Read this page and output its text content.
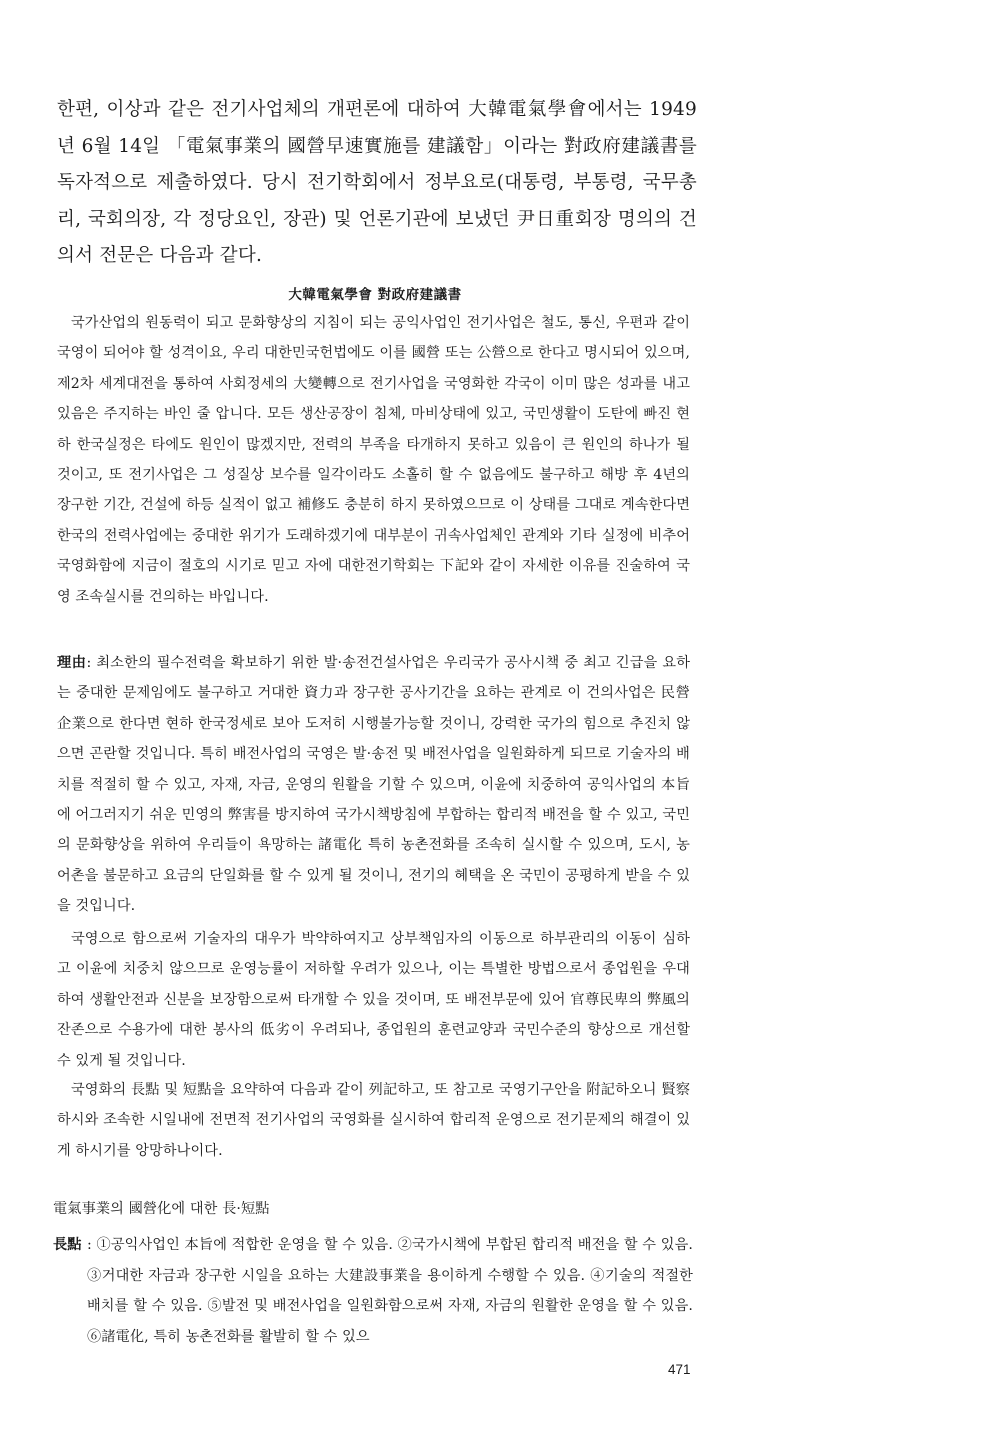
한편, 이상과 같은 전기사업체의 개편론에 대하여 大韓電氣學會에서는 1949년 6월 14일 「電氣事業의 國營早速實施를 建議함」이라는 對政府建議書를 독자적으로 제출하였다. 당시 전기학회에서 정부요로(대통령, 부통령, 국무총리, 국회의장, 각 정당요인, 장관) 및 언론기관에 보냈던 尹日重회장 명의의 건의서 전문은 다음과 같다.

大韓電氣學會 對政府建議書

국가산업의 원동력이 되고 문화향상의 지침이 되는 공익사업인 전기사업은 철도, 통신, 우편과 같이 국영이 되어야 할 성격이요, 우리 대한민국헌법에도 이를 國營 또는 公營으로 한다고 명시되어 있으며, 제2차 세계대전을 통하여 사회정세의 大變轉으로 전기사업을 국영화한 각국이 이미 많은 성과를 내고 있음은 주지하는 바인 줄 압니다. 모든 생산공장이 침체, 마비상태에 있고, 국민생활이 도탄에 빠진 현하 한국실정은 타에도 원인이 많겠지만, 전력의 부족을 타개하지 못하고 있음이 큰 원인의 하나가 될 것이고, 또 전기사업은 그 성질상 보수를 일각이라도 소홀히 할 수 없음에도 불구하고 해방 후 4년의 장구한 기간, 건설에 하등 실적이 없고 補修도 충분히 하지 못하였으므로 이 상태를 그대로 계속한다면 한국의 전력사업에는 중대한 위기가 도래하겠기에 대부분이 귀속사업체인 관계와 기타 실정에 비추어 국영화함에 지금이 절호의 시기로 믿고 자에 대한전기학회는 下記와 같이 자세한 이유를 진술하여 국영 조속실시를 건의하는 바입니다.

理由: 최소한의 필수전력을 확보하기 위한 발·송전건설사업은 우리국가 공사시책 중 최고 긴급을 요하는 중대한 문제임에도 불구하고 거대한 資力과 장구한 공사기간을 요하는 관계로 이 건의사업은 民營企業으로 한다면 현하 한국정세로 보아 도저히 시행불가능할 것이니, 강력한 국가의 힘으로 추진치 않으면 곤란할 것입니다. 특히 배전사업의 국영은 발·송전 및 배전사업을 일원화하게 되므로 기술자의 배치를 적절히 할 수 있고, 자재, 자금, 운영의 원활을 기할 수 있으며, 이윤에 치중하여 공익사업의 本旨에 어그러지기 쉬운 민영의 弊害를 방지하여 국가시책방침에 부합하는 합리적 배전을 할 수 있고, 국민의 문화향상을 위하여 우리들이 욕망하는 諸電化 특히 농촌전화를 조속히 실시할 수 있으며, 도시, 농어촌을 불문하고 요금의 단일화를 할 수 있게 될 것이니, 전기의 혜택을 온 국민이 공평하게 받을 수 있을 것입니다.

국영으로 함으로써 기술자의 대우가 박약하여지고 상부책임자의 이동으로 하부관리의 이동이 심하고 이윤에 치중치 않으므로 운영능률이 저하할 우려가 있으나, 이는 특별한 방법으로서 종업원을 우대하여 생활안전과 신분을 보장함으로써 타개할 수 있을 것이며, 또 배전부문에 있어 官尊民卑의 弊風의 잔존으로 수용가에 대한 봉사의 低劣이 우려되나, 종업원의 훈련교양과 국민수준의 향상으로 개선할 수 있게 될 것입니다.

국영화의 長點 및 短點을 요약하여 다음과 같이 列記하고, 또 참고로 국영기구안을 附記하오니 賢察하시와 조속한 시일내에 전면적 전기사업의 국영화를 실시하여 합리적 운영으로 전기문제의 해결이 있게 하시기를 앙망하나이다.

電氣事業의 國營化에 대한 長·短點
長點 : ①공익사업인 本旨에 적합한 운영을 할 수 있음. ②국가시책에 부합된 합리적 배전을 할 수 있음. ③거대한 자금과 장구한 시일을 요하는 大建設事業을 용이하게 수행할 수 있음. ④기술의 적절한 배치를 할 수 있음. ⑤발전 및 배전사업을 일원화함으로써 자재, 자금의 원활한 운영을 할 수 있음. ⑥諸電化, 특히 농촌전화를 활발히 할 수 있으
471
